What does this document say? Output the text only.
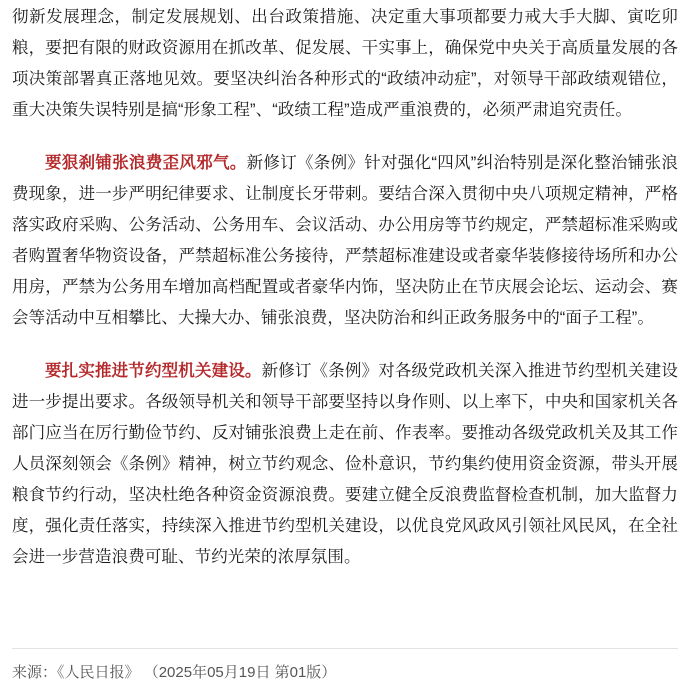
彻新发展理念，制定发展规划、出台政策措施、决定重大事项都要力戒大手大脚、寅吃卯粮，要把有限的财政资源用在抓改革、促发展、干实事上，确保党中央关于高质量发展的各项决策部署真正落地见效。要坚决纠治各种形式的“政绩冲动症”，对领导干部政绩观错位，重大决策失误特别是搞“形象工程”、“政绩工程”造成严重浪费的，必须严肃追究责任。

要狠刹铺张浪费歪风邪气。新修订《条例》针对强化“四风”纠治特别是深化整治铺张浪费现象，进一步严明纪律要求、让制度长牙带刺。要结合深入贯彻中央八项规定精神，严格落实政府采购、公务活动、公务用车、会议活动、办公用房等节约规定，严禁超标准采购或者购置奢华物资设备，严禁超标准公务接待，严禁超标准建设或者豪华装修接待场所和办公用房，严禁为公务用车增加高档配置或者豪华内饰，坚决防止在节庆展会论坛、运动会、赛会等活动中互相攀比、大操大办、铺张浪费，坚决防治和纠正政务服务中的“面子工程”。

要扎实推进节约型机关建设。新修订《条例》对各级党政机关深入推进节约型机关建设进一步提出要求。各级领导机关和领导干部要坚持以身作则、以上率下，中央和国家机关各部门应当在厉行勤俭节约、反对铺张浪费上走在前、作表率。要推动各级党政机关及其工作人员深刻领会《条例》精神，树立节约观念、俭朴意识，节约集约使用资金资源，带头开展粮食节约行动，坚决杜绝各种资金资源浪费。要建立健全反浪费监督检查机制，加大监督力度，强化责任落实，持续深入推进节约型机关建设，以优良党风政风引领社风民风，在全社会进一步营造浪费可耻、节约光荣的浓厚氛围。

来源：《人民日报》 （2025年05月19日 第01版）
